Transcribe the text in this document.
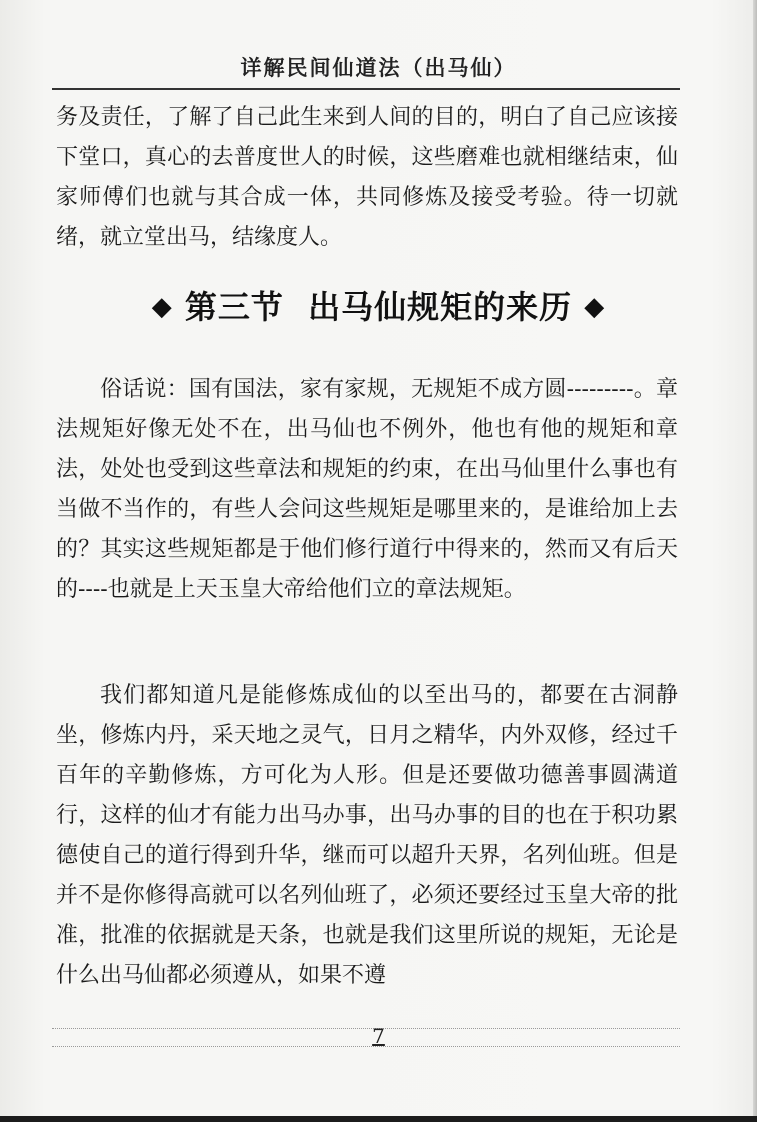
详解民间仙道法（出马仙）
务及责任，了解了自己此生来到人间的目的，明白了自己应该接下堂口，真心的去普度世人的时候，这些磨难也就相继结束，仙家师傅们也就与其合成一体，共同修炼及接受考验。待一切就绪，就立堂出马，结缘度人。
◆ 第三节  出马仙规矩的来历 ◆
俗话说：国有国法，家有家规，无规矩不成方圆---------。章法规矩好像无处不在，出马仙也不例外，他也有他的规矩和章法，处处也受到这些章法和规矩的约束，在出马仙里什么事也有当做不当作的，有些人会问这些规矩是哪里来的，是谁给加上去的？其实这些规矩都是于他们修行道行中得来的，然而又有后天的----也就是上天玉皇大帝给他们立的章法规矩。
我们都知道凡是能修炼成仙的以至出马的，都要在古洞静坐，修炼内丹，采天地之灵气，日月之精华，内外双修，经过千百年的辛勤修炼，方可化为人形。但是还要做功德善事圆满道行，这样的仙才有能力出马办事，出马办事的目的也在于积功累德使自己的道行得到升华，继而可以超升天界，名列仙班。但是并不是你修得高就可以名列仙班了，必须还要经过玉皇大帝的批准，批准的依据就是天条，也就是我们这里所说的规矩，无论是什么出马仙都必须遵从，如果不遵
7
